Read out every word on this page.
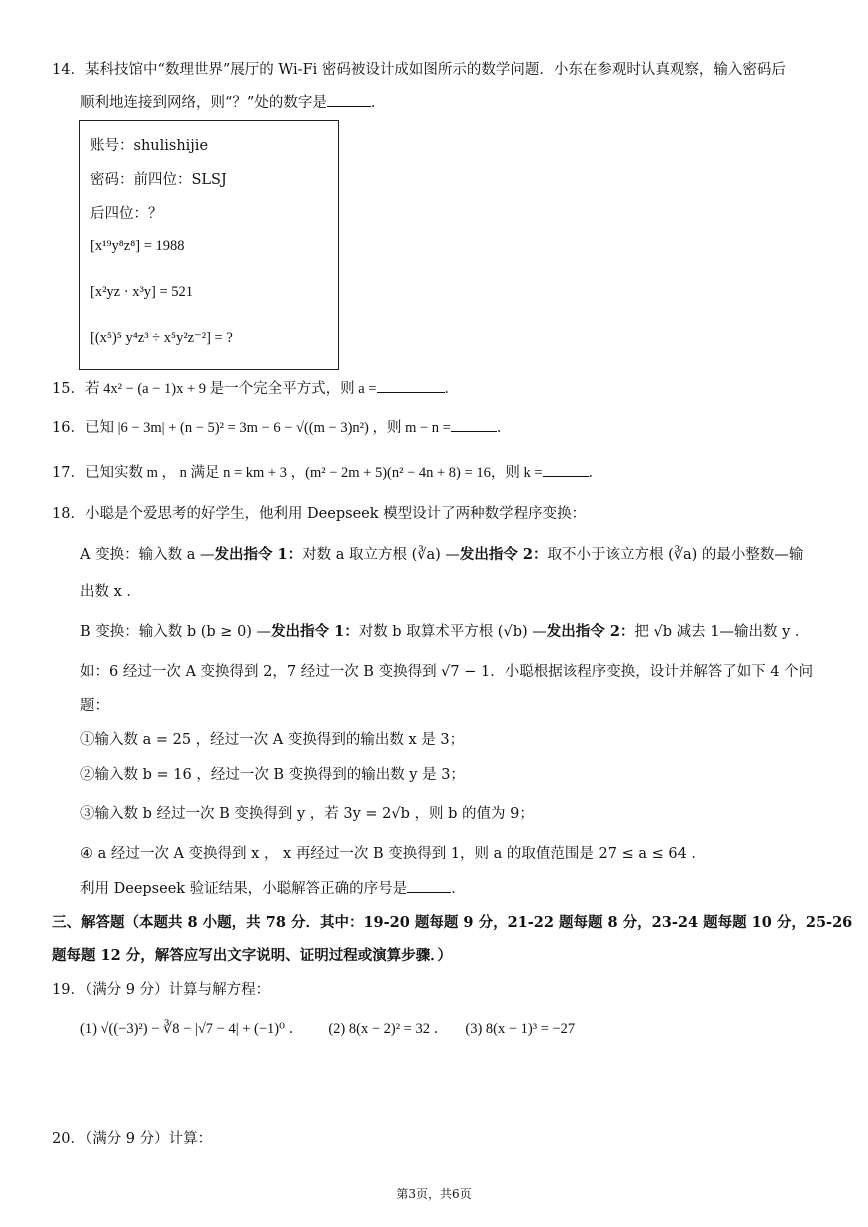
14．某科技馆中“数理世界”展厅的 Wi-Fi 密码被设计成如图所示的数学问题．小东在参观时认真观察，输入密码后
顺利地连接到网络，则“？”处的数字是	．
账号：shulishijie
密码：前四位：SLSJ
后四位：？
[x¹⁹y⁸z⁸] = 1988
[x²yz · x³y] = 521
[(x⁵)⁵ y⁴z³ ÷ x⁵y²z⁻²] = ?
15．若 4x² − (a − 1)x + 9 是一个完全平方式，则 a =	．
16．已知 |6 − 3m| + (n − 5)² = 3m − 6 − √((m − 3)n²) ，则 m − n =	．
17．已知实数 m ， n 满足 n = km + 3 ，(m² − 2m + 5)(n² − 4n + 8) = 16，则 k =	．
18．小聪是个爱思考的好学生，他利用 Deepseek 模型设计了两种数学程序变换：
A 变换：输入数 a —发出指令 1：对数 a 取立方根 (∛a) —发出指令 2：取不小于该立方根 (∛a) 的最小整数—输
出数 x ．
B 变换：输入数 b (b ≥ 0) —发出指令 1：对数 b 取算术平方根 (√b) —发出指令 2：把 √b 减去 1—输出数 y ．
如：6 经过一次 A 变换得到 2，7 经过一次 B 变换得到 √7 − 1．小聪根据该程序变换，设计并解答了如下 4 个问
题：
①输入数 a = 25 ，经过一次 A 变换得到的输出数 x 是 3；
②输入数 b = 16 ，经过一次 B 变换得到的输出数 y 是 3；
③输入数 b 经过一次 B 变换得到 y ，若 3y = 2√b ，则 b 的值为 9；
④ a 经过一次 A 变换得到 x ， x 再经过一次 B 变换得到 1，则 a 的取值范围是 27 ≤ a ≤ 64 ．
利用 Deepseek 验证结果，小聪解答正确的序号是	．
三、解答题（本题共 8 小题，共 78 分．其中：19-20 题每题 9 分，21-22 题每题 8 分，23-24 题每题 10 分，25-26
题每题 12 分，解答应写出文字说明、证明过程或演算步骤．）
19．（满分 9 分）计算与解方程：
(1) √((−3)²) − ∛8 − |√7 − 4| + (−1)⁰ ． (2) 8(x − 2)² = 32 ． (3) 8(x − 1)³ = −27
20．（满分 9 分）计算：
第3页，共6页
